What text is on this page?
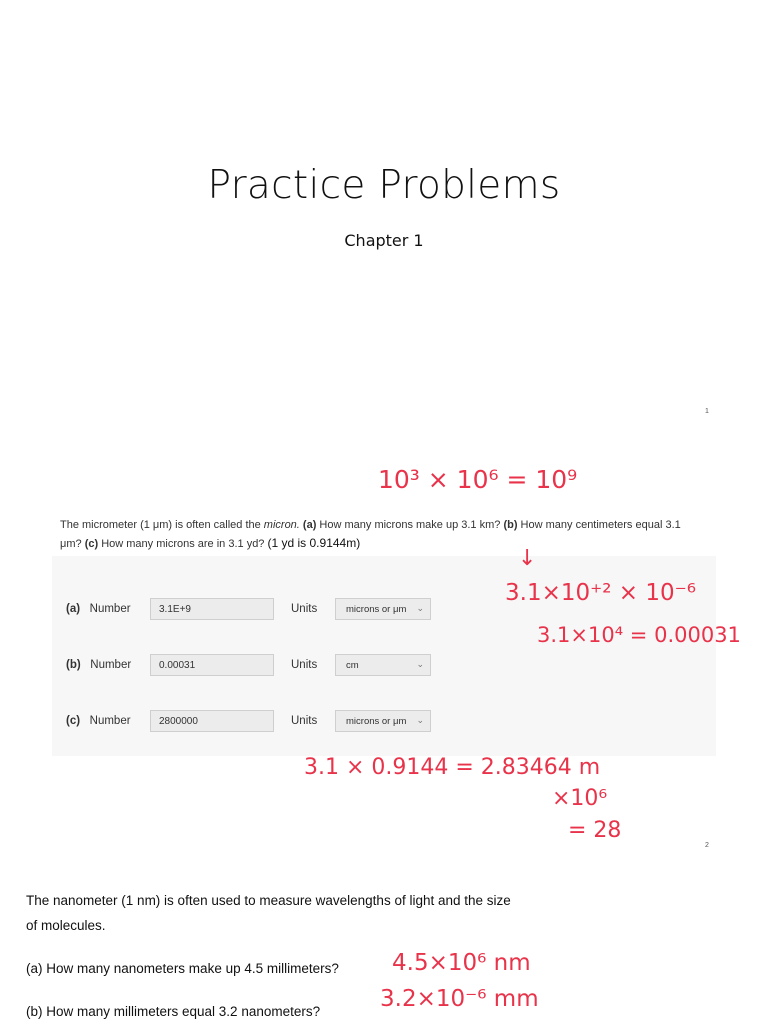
Practice Problems
Chapter 1
1
The micrometer (1 μm) is often called the micron. (a) How many microns make up 3.1 km? (b) How many centimeters equal 3.1
μm? (c) How many microns are in 3.1 yd? (1 yd is 0.9144m)
(a) Number	3.1E+9	Units	microns or μm ⌄
(b) Number	0.00031	Units	cm	⌄
(c) Number	2800000	Units	microns or μm ⌄
2
The nanometer (1 nm) is often used to measure wavelengths of light and the size
of molecules.
(a) How many nanometers make up 4.5 millimeters?
(b) How many millimeters equal 3.2 nanometers?
10³ × 10⁶ = 10⁹
↓
3.1×10⁺² × 10⁻⁶
3.1×10⁴ = 0.00031
3.1 × 0.9144 = 2.83464 m
×10⁶
= 28
4.5×10⁶ nm
3.2×10⁻⁶ mm
